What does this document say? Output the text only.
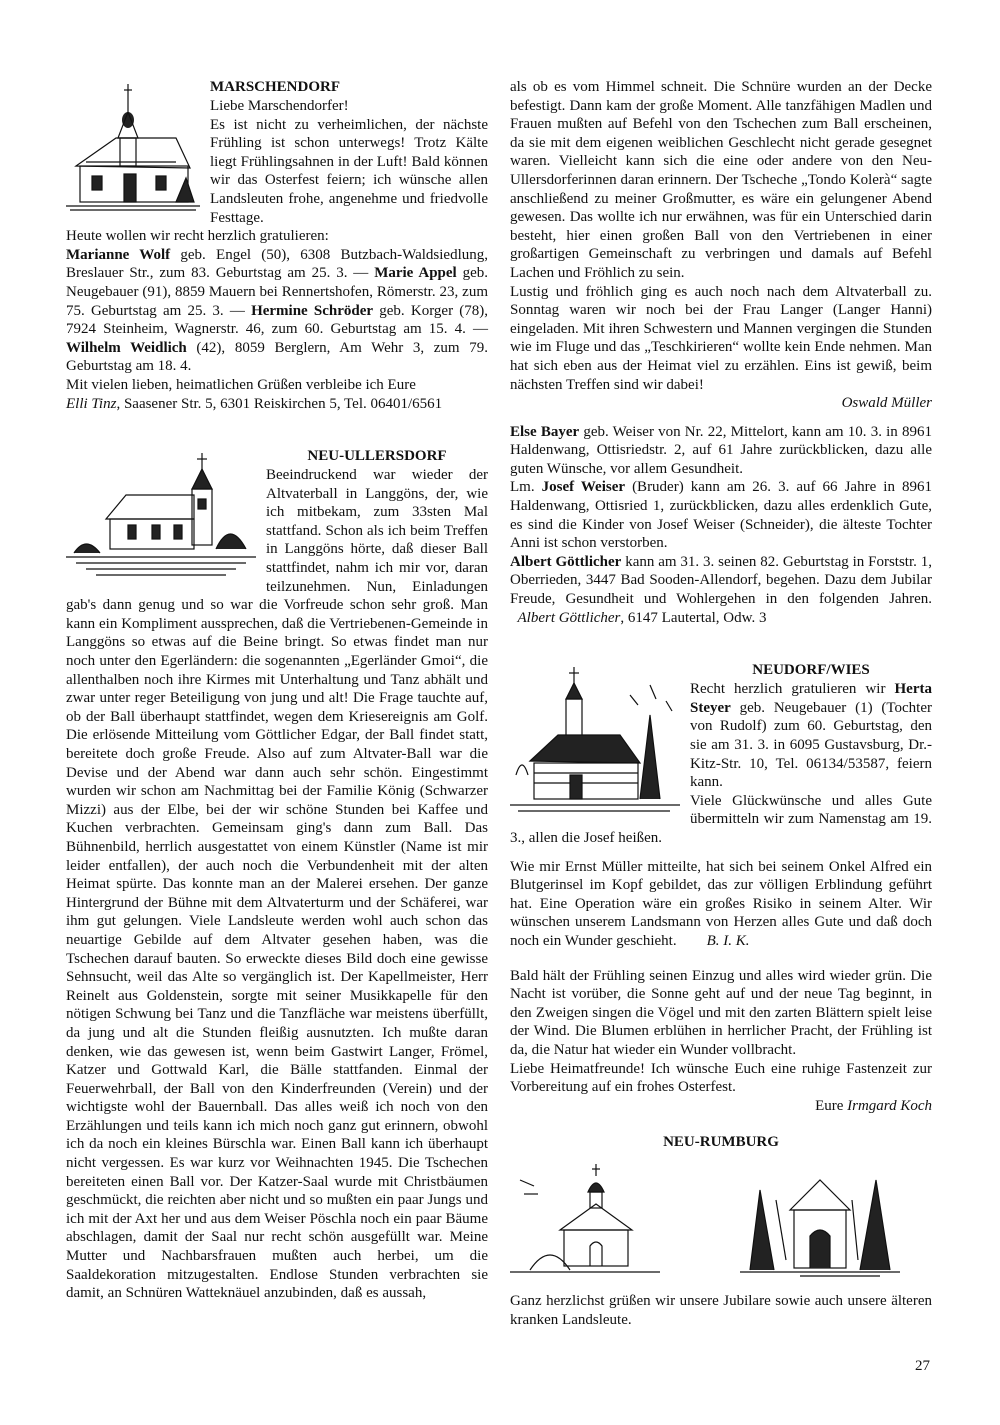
MARSCHENDORF

Liebe Marschendorfer!

Es ist nicht zu verheimlichen, der nächste Frühling ist schon unterwegs! Trotz Kälte liegt Frühlingsahnen in der Luft! Bald können wir das Osterfest feiern; ich wünsche allen Landsleuten frohe, angenehme und friedvolle Festtage.

Heute wollen wir recht herzlich gratulieren:

Marianne Wolf geb. Engel (50), 6308 Butzbach-Waldsiedlung, Breslauer Str., zum 83. Geburtstag am 25. 3. — Marie Appel geb. Neugebauer (91), 8859 Mauern bei Rennertshofen, Römerstr. 23, zum 75. Geburtstag am 25. 3. — Hermine Schröder geb. Korger (78), 7924 Steinheim, Wagnerstr. 46, zum 60. Geburtstag am 15. 4. — Wilhelm Weidlich (42), 8059 Berglern, Am Wehr 3, zum 79. Geburtstag am 18. 4.

Mit vielen lieben, heimatlichen Grüßen verbleibe ich Eure

Elli Tinz, Saasener Str. 5, 6301 Reiskirchen 5, Tel. 06401/6561

NEU-ULLERSDORF

Beeindruckend war wieder der Altvaterball in Langgöns, der, wie ich mitbekam, zum 33sten Mal stattfand. Schon als ich beim Treffen in Langgöns hörte, daß dieser Ball stattfindet, nahm ich mir vor, daran teilzunehmen. Nun, Einladungen gab's dann genug und so war die Vorfreude schon sehr groß. Man kann ein Kompliment aussprechen, daß die Vertriebenen-Gemeinde in Langgöns so etwas auf die Beine bringt. So etwas findet man nur noch unter den Egerländern: die sogenannten „Egerländer Gmoi“, die allenthalben noch ihre Kirmes mit Unterhaltung und Tanz abhält und zwar unter reger Beteiligung von jung und alt! Die Frage tauchte auf, ob der Ball überhaupt stattfindet, wegen dem Kriesereignis am Golf. Die erlösende Mitteilung vom Göttlicher Edgar, der Ball findet statt, bereitete doch große Freude. Also auf zum Altvater-Ball war die Devise und der Abend war dann auch sehr schön. Eingestimmt wurden wir schon am Nachmittag bei der Familie König (Schwarzer Mizzi) aus der Elbe, bei der wir schöne Stunden bei Kaffee und Kuchen verbrachten. Gemeinsam ging's dann zum Ball. Das Bühnenbild, herrlich ausgestattet von einem Künstler (Name ist mir leider entfallen), der auch noch die Verbundenheit mit der alten Heimat spürte. Das konnte man an der Malerei ersehen. Der ganze Hintergrund der Bühne mit dem Altvaterturm und der Schäferei, war ihm gut gelungen. Viele Landsleute werden wohl auch schon das neuartige Gebilde auf dem Altvater gesehen haben, was die Tschechen darauf bauten. So erweckte dieses Bild doch eine gewisse Sehnsucht, weil das Alte so vergänglich ist. Der Kapellmeister, Herr Reinelt aus Goldenstein, sorgte mit seiner Musikkapelle für den nötigen Schwung bei Tanz und die Tanzfläche war meistens überfüllt, da jung und alt die Stunden fleißig ausnutzten. Ich mußte daran denken, wie das gewesen ist, wenn beim Gastwirt Langer, Frömel, Katzer und Gottwald Karl, die Bälle stattfanden. Einmal der Feuerwehrball, der Ball von den Kinderfreunden (Verein) und der wichtigste wohl der Bauernball. Das alles weiß ich noch von den Erzählungen und teils kann ich mich noch ganz gut erinnern, obwohl ich da noch ein kleines Bürschla war. Einen Ball kann ich überhaupt nicht vergessen. Es war kurz vor Weihnachten 1945. Die Tschechen bereiteten einen Ball vor. Der Katzer-Saal wurde mit Christbäumen geschmückt, die reichten aber nicht und so mußten ein paar Jungs und ich mit der Axt her und aus dem Weiser Pöschla noch ein paar Bäume abschlagen, damit der Saal nur recht schön ausgefüllt war. Meine Mutter und Nachbarsfrauen mußten auch herbei, um die Saaldekoration mitzugestalten. Endlose Stunden verbrachten sie damit, an Schnüren Watteknäuel anzubinden, daß es aussah,

als ob es vom Himmel schneit. Die Schnüre wurden an der Decke befestigt. Dann kam der große Moment. Alle tanzfähigen Madlen und Frauen mußten auf Befehl von den Tschechen zum Ball erscheinen, da sie mit dem eigenen weiblichen Geschlecht nicht gerade gesegnet waren. Vielleicht kann sich die eine oder andere von den Neu-Ullersdorferinnen daran erinnern. Der Tscheche „Tondo Kolerà“ sagte anschließend zu meiner Großmutter, es wäre ein gelungener Abend gewesen. Das wollte ich nur erwähnen, was für ein Unterschied darin besteht, hier einen großen Ball von den Vertriebenen in einer großartigen Gemeinschaft zu verbringen und damals auf Befehl Lachen und Fröhlich zu sein.

Lustig und fröhlich ging es auch noch nach dem Altvaterball zu. Sonntag waren wir noch bei der Frau Langer (Langer Hanni) eingeladen. Mit ihren Schwestern und Mannen vergingen die Stunden wie im Fluge und das „Teschkirieren“ wollte kein Ende nehmen. Man hat sich eben aus der Heimat viel zu erzählen. Eins ist gewiß, beim nächsten Treffen sind wir dabei!

Oswald Müller

Else Bayer geb. Weiser von Nr. 22, Mittelort, kann am 10. 3. in 8961 Haldenwang, Ottisriedstr. 2, auf 61 Jahre zurückblicken, dazu alle guten Wünsche, vor allem Gesundheit.

Lm. Josef Weiser (Bruder) kann am 26. 3. auf 66 Jahre in 8961 Haldenwang, Ottisried 1, zurückblicken, dazu alles erdenklich Gute, es sind die Kinder von Josef Weiser (Schneider), die älteste Tochter Anni ist schon verstorben.

Albert Göttlicher kann am 31. 3. seinen 82. Geburtstag in Forststr. 1, Oberrieden, 3447 Bad Sooden-Allendorf, begehen. Dazu dem Jubilar Freude, Gesundheit und Wohlergehen in den folgenden Jahren.   Albert Göttlicher, 6147 Lautertal, Odw. 3

NEUDORF/WIES

Recht herzlich gratulieren wir Herta Steyer geb. Neugebauer (1) (Tochter von Rudolf) zum 60. Geburtstag, den sie am 31. 3. in 6095 Gustavsburg, Dr.-Kitz-Str. 10, Tel. 06134/53587, feiern kann.

Viele Glückwünsche und alles Gute übermitteln wir zum Namenstag am 19. 3., allen die Josef heißen.

Wie mir Ernst Müller mitteilte, hat sich bei seinem Onkel Alfred ein Blutgerinsel im Kopf gebildet, das zur völligen Erblindung geführt hat. Eine Operation wäre ein großes Risiko in seinem Alter. Wir wünschen unserem Landsmann von Herzen alles Gute und daß doch noch ein Wunder geschieht. B. I. K.

Bald hält der Frühling seinen Einzug und alles wird wieder grün. Die Nacht ist vorüber, die Sonne geht auf und der neue Tag beginnt, in den Zweigen singen die Vögel und mit den zarten Blättern spielt leise der Wind. Die Blumen erblühen in herrlicher Pracht, der Frühling ist da, die Natur hat wieder ein Wunder vollbracht.

Liebe Heimatfreunde! Ich wünsche Euch eine ruhige Fastenzeit zur Vorbereitung auf ein frohes Osterfest.

Eure Irmgard Koch

NEU-RUMBURG

Ganz herzlichst grüßen wir unsere Jubilare sowie auch unsere älteren kranken Landsleute.

27
